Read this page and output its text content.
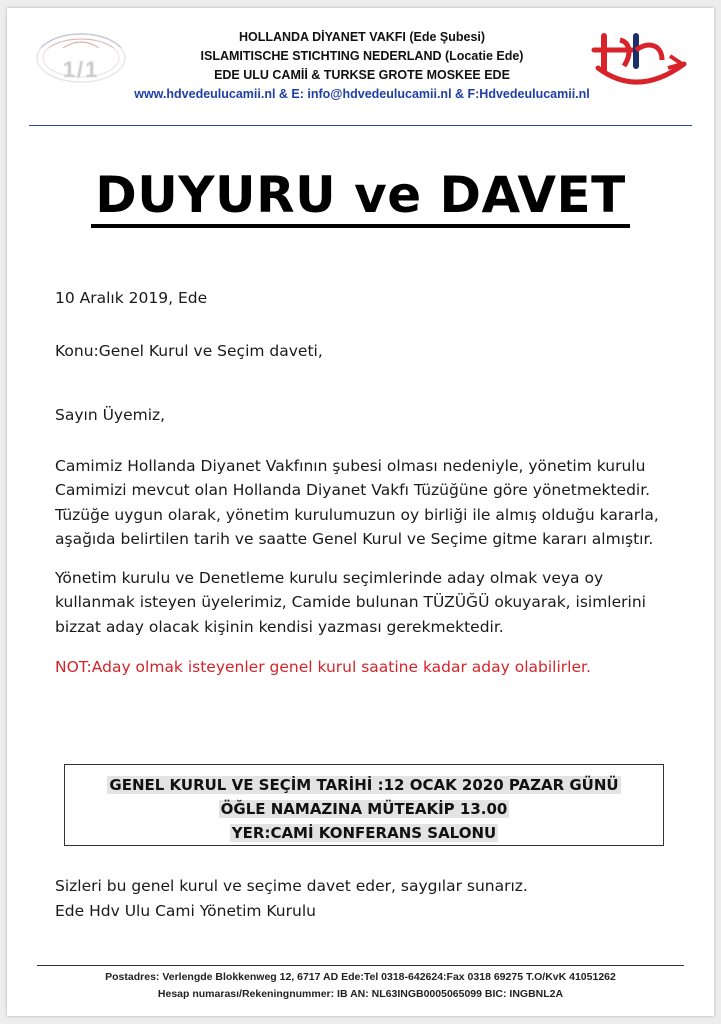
1/1
HOLLANDA DİYANET VAKFI (Ede Şubesi)
ISLAMITISCHE STICHTING NEDERLAND (Locatie Ede)
EDE ULU CAMİİ & TURKSE GROTE MOSKEE EDE
www.hdvedeulucamii.nl & E: info@hdvedeulucamii.nl & F:Hdvedeulucamii.nl
DUYURU ve DAVET

10 Aralık 2019, Ede

Konu:Genel Kurul ve Seçim daveti,

Sayın Üyemiz,

Camimiz Hollanda Diyanet Vakfının şubesi olması nedeniyle, yönetim kurulu Camimizi mevcut olan Hollanda Diyanet Vakfı Tüzüğüne göre yönetmektedir. Tüzüğe uygun olarak, yönetim kurulumuzun oy birliği ile almış olduğu kararla, aşağıda belirtilen tarih ve saatte Genel Kurul ve Seçime gitme kararı almıştır.

Yönetim kurulu ve Denetleme kurulu seçimlerinde aday olmak veya oy kullanmak isteyen üyelerimiz, Camide bulunan TÜZÜĞÜ okuyarak, isimlerini bizzat aday olacak kişinin kendisi yazması gerekmektedir.

NOT:Aday olmak isteyenler genel kurul saatine kadar aday olabilirler.

GENEL KURUL VE SEÇİM TARİHİ :12 OCAK 2020 PAZAR GÜNÜ
ÖĞLE NAMAZINA MÜTEAKİP 13.00
YER:CAMİ KONFERANS SALONU

Sizleri bu genel kurul ve seçime davet eder, saygılar sunarız.

Ede Hdv Ulu Cami Yönetim Kurulu

Postadres: Verlengde Blokkenweg 12, 6717 AD Ede:Tel 0318-642624:Fax 0318 69275 T.O/KvK 41051262
Hesap numarası/Rekeningnummer: IB AN: NL63INGB0005065099 BIC: INGBNL2A
